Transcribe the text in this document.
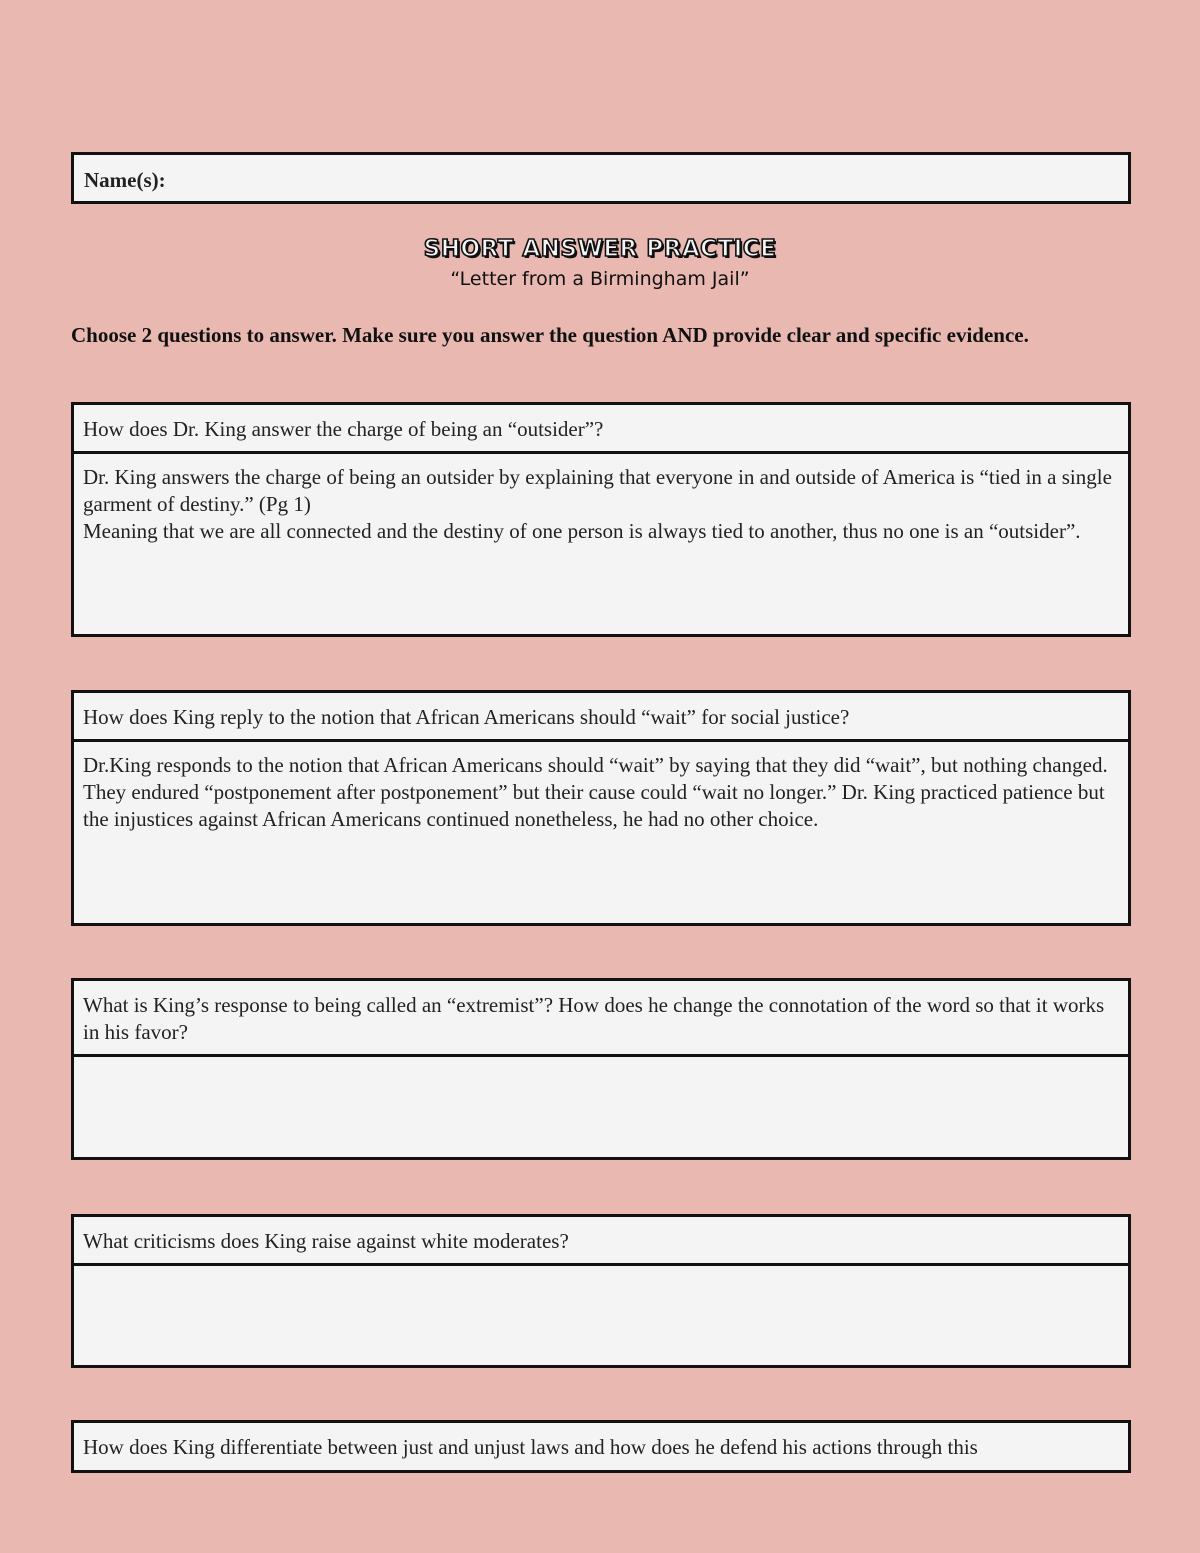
Name(s):
SHORT ANSWER PRACTICE
“Letter from a Birmingham Jail”
Choose 2 questions to answer. Make sure you answer the question AND provide clear and specific evidence.
How does Dr. King answer the charge of being an “outsider”?

Dr. King answers the charge of being an outsider by explaining that everyone in and outside of America is “tied in a single garment of destiny.” (Pg 1)

Meaning that we are all connected and the destiny of one person is always tied to another, thus no one is an “outsider”.

How does King reply to the notion that African Americans should “wait” for social justice?

Dr.King responds to the notion that African Americans should “wait” by saying that they did “wait”, but nothing changed. They endured “postponement after postponement” but their cause could “wait no longer.” Dr. King practiced patience but the injustices against African Americans continued nonetheless, he had no other choice.

What is King’s response to being called an “extremist”? How does he change the connotation of the word so that it works in his favor?
What criticisms does King raise against white moderates?
How does King differentiate between just and unjust laws and how does he defend his actions through this
